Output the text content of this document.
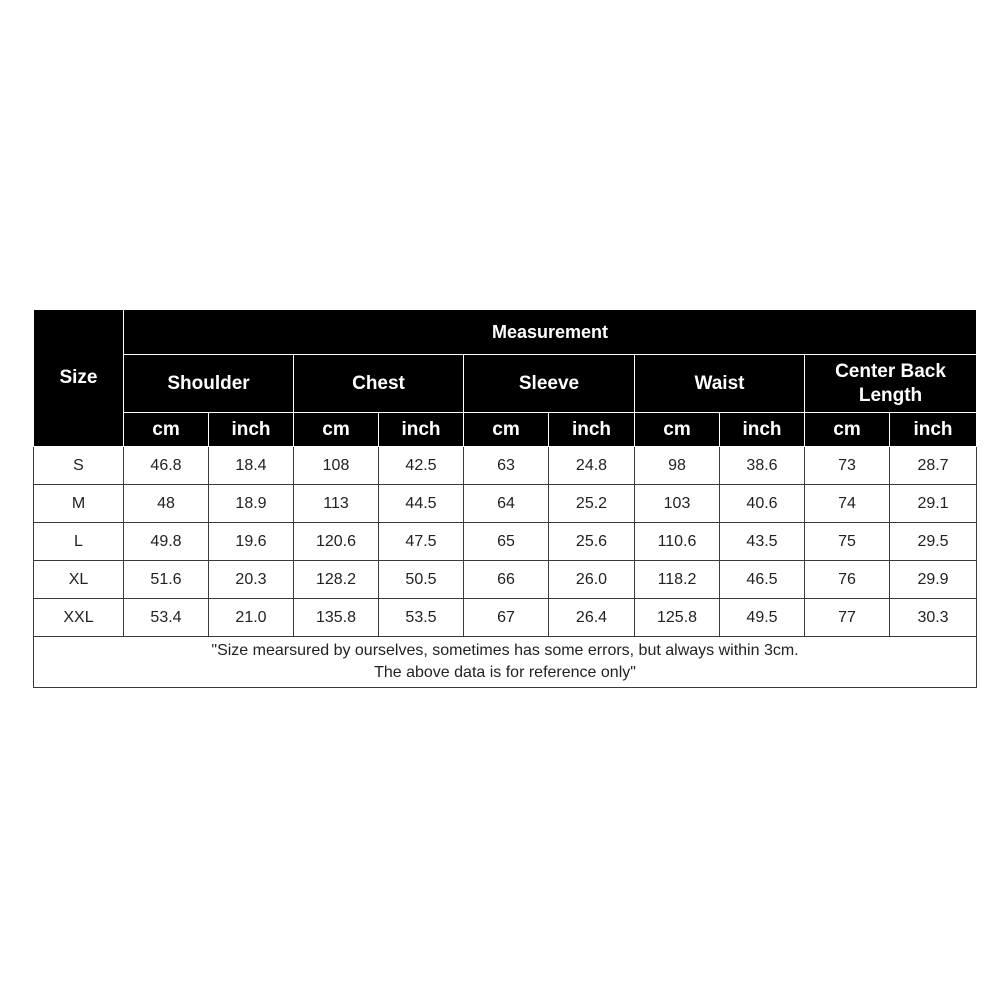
Size	Measurement									
	Shoulder		Chest		Sleeve		Waist		Center Back Length	
	cm	inch	cm	inch	cm	inch	cm	inch	cm	inch
S	46.8	18.4	108	42.5	63	24.8	98	38.6	73	28.7
M	48	18.9	113	44.5	64	25.2	103	40.6	74	29.1
L	49.8	19.6	120.6	47.5	65	25.6	110.6	43.5	75	29.5
XL	51.6	20.3	128.2	50.5	66	26.0	118.2	46.5	76	29.9
XXL	53.4	21.0	135.8	53.5	67	26.4	125.8	49.5	77	30.3

"Size mearsured by ourselves, sometimes has some errors, but always within 3cm.
The above data is for reference only"										
